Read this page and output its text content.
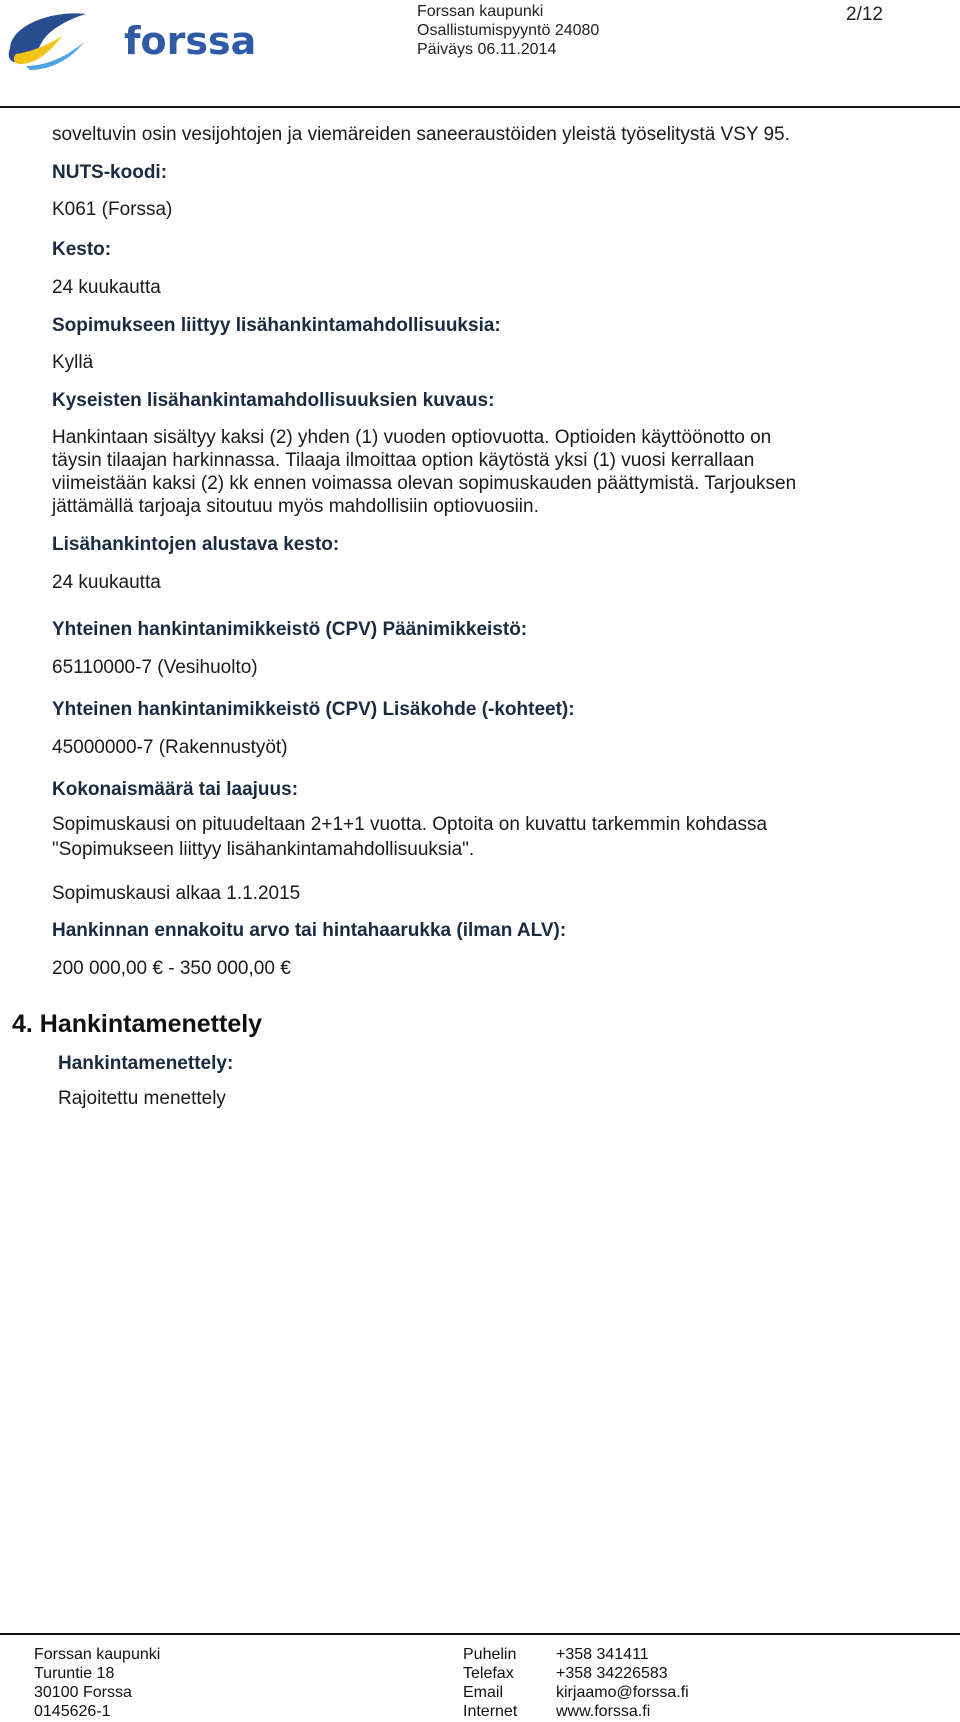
forssa
Forssan kaupunki
Osallistumispyyntö 24080
Päiväys 06.11.2014
2/12
soveltuvin osin vesijohtojen ja viemäreiden saneeraustöiden yleistä työselitystä VSY 95.
NUTS-koodi:
K061 (Forssa)
Kesto:
24 kuukautta
Sopimukseen liittyy lisähankintamahdollisuuksia:
Kyllä
Kyseisten lisähankintamahdollisuuksien kuvaus:
Hankintaan sisältyy kaksi (2) yhden (1) vuoden optiovuotta. Optioiden käyttöönotto on
täysin tilaajan harkinnassa. Tilaaja ilmoittaa option käytöstä yksi (1) vuosi kerrallaan
viimeistään kaksi (2) kk ennen voimassa olevan sopimuskauden päättymistä. Tarjouksen
jättämällä tarjoaja sitoutuu myös mahdollisiin optiovuosiin.
Lisähankintojen alustava kesto:
24 kuukautta
Yhteinen hankintanimikkeistö (CPV) Päänimikkeistö:
65110000-7 (Vesihuolto)
Yhteinen hankintanimikkeistö (CPV) Lisäkohde (-kohteet):
45000000-7 (Rakennustyöt)
Kokonaismäärä tai laajuus:
Sopimuskausi on pituudeltaan 2+1+1 vuotta. Optoita on kuvattu tarkemmin kohdassa
"Sopimukseen liittyy lisähankintamahdollisuuksia".
Sopimuskausi alkaa 1.1.2015
Hankinnan ennakoitu arvo tai hintahaarukka (ilman ALV):
200 000,00 € - 350 000,00 €
4. Hankintamenettely
Hankintamenettely:
Rajoitettu menettely
Forssan kaupunki
Turuntie 18
30100 Forssa
0145626-1
Puhelin
Telefax
Email
Internet
+358 341411
+358 34226583
kirjaamo@forssa.fi
www.forssa.fi
